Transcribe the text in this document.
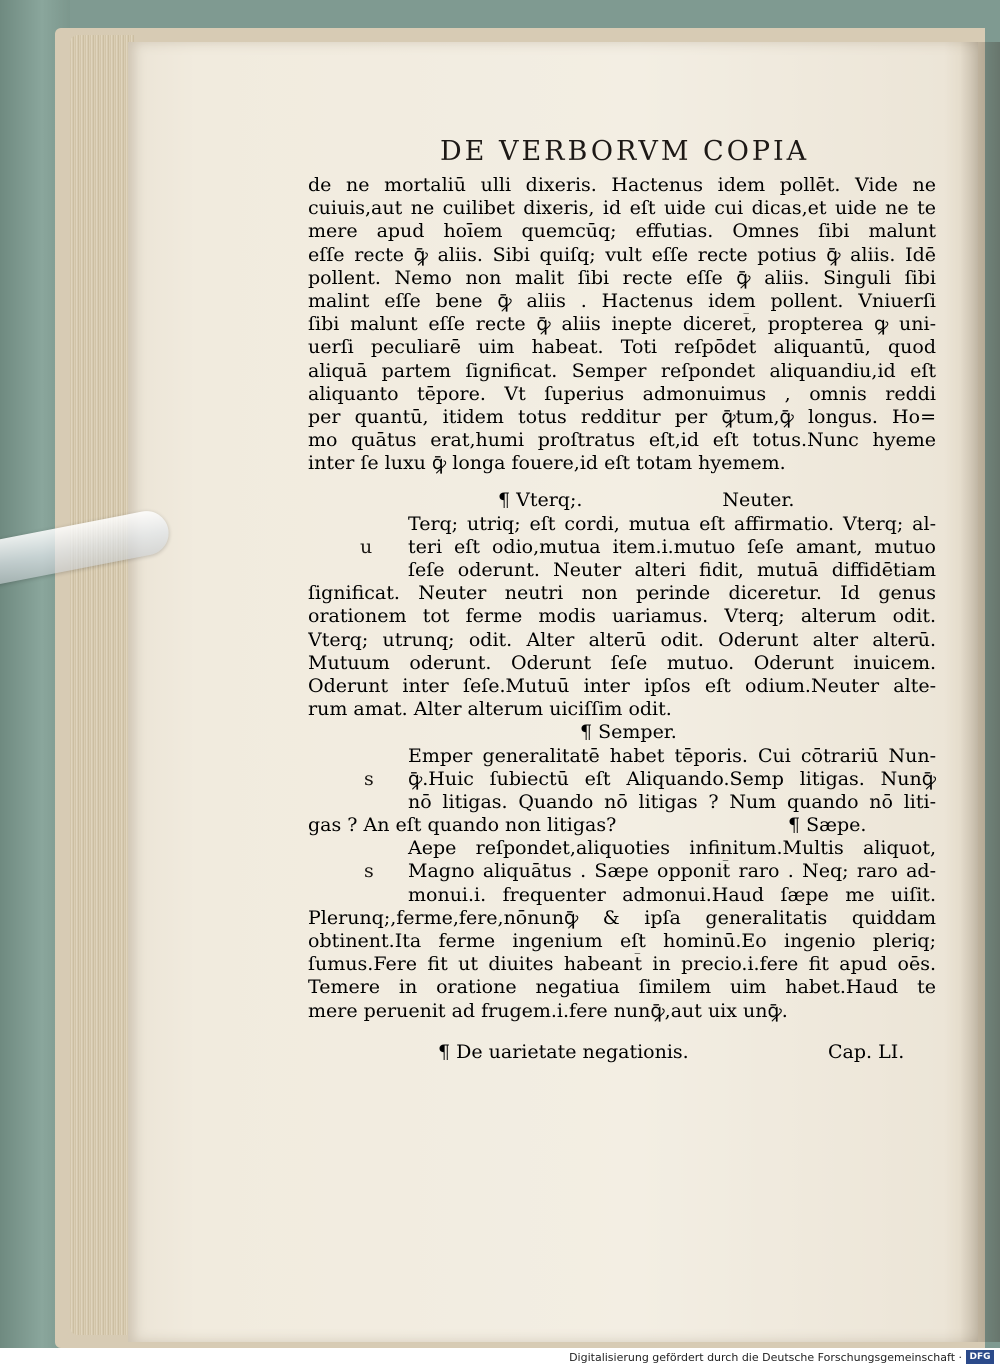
DE VERBORVM COPIA
de ne mortaliū ulli dixeris. Hactenus idem pollēt. Vide ne
cuiuis,aut ne cuilibet dixeris, id eſt uide cui dicas,et uide ne te
mere apud hoīem quemcūq; effutias. Omnes ſibi malunt
eſſe recte ꝙ̄ aliis. Sibi quiſq; vult eſſe recte potius ꝙ̄ aliis. Idē
pollent. Nemo non malit ſibi recte eſſe ꝙ̄ aliis. Singuli ſibi
malint eſſe bene ꝙ̄ aliis . Hactenus idem pollent. Vniuerſi
ſibi malunt eſſe recte ꝙ̄ aliis inepte diceret̄, propterea ꝙ uni-
uerſi peculiarē uim habeat. Toti reſpōdet aliquantū, quod
aliquā partem ſignificat. Semper reſpondet aliquandiu,id eſt
aliquanto tēpore. Vt ſuperius admonuimus , omnis reddi
per quantū, itidem totus redditur per ꝙ̄tum,ꝙ̄ longus. Ho=
mo quātus erat,humi proſtratus eſt,id eſt totus.Nunc hyeme
inter ſe luxu ꝙ̄ longa fouere,id eſt totam hyemem.
¶ Vterq;.	Neuter.
u
Terq; utriq; eſt cordi, mutua eſt affirmatio. Vterq; al-
teri eſt odio,mutua item.i.mutuo ſeſe amant, mutuo
ſeſe oderunt. Neuter alteri fidit, mutuā diffidētiam
ſignificat. Neuter neutri non perinde diceretur. Id genus
orationem tot ferme modis uariamus. Vterq; alterum odit.
Vterq; utrunq; odit. Alter alterū odit. Oderunt alter alterū.
Mutuum oderunt. Oderunt ſeſe mutuo. Oderunt inuicem.
Oderunt inter ſeſe.Mutuū inter ipſos eſt odium.Neuter alte-
rum amat. Alter alterum uiciſſim odit.
¶ Semper.
s
Emper generalitatē habet tēporis. Cui cōtrariū Nun-
ꝙ̄.Huic ſubiectū eſt Aliquando.Semp litigas. Nunꝙ̄
nō litigas. Quando nō litigas ? Num quando nō liti-
gas ? An eſt quando non litigas?	¶ Sæpe.
s
Aepe reſpondet,aliquoties infinitum.Multis aliquot,
Magno aliquātus . Sæpe opponit̄ raro . Neq; raro ad-
monui.i. frequenter admonui.Haud ſæpe me uiſit.
Plerunq;,ferme,fere,nōnunꝙ̄ & ipſa generalitatis quiddam
obtinent.Ita ferme ingenium eſt hominū.Eo ingenio pleriq;
ſumus.Fere fit ut diuites habeant̄ in precio.i.fere fit apud oēs.
Temere in oratione negatiua ſimilem uim habet.Haud te
mere peruenit ad frugem.i.fere nunꝙ̄,aut uix unꝙ̄.
¶ De uarietate negationis.	Cap. LI.
Digitalisierung gefördert durch die Deutsche Forschungsgemeinschaft · DFG
